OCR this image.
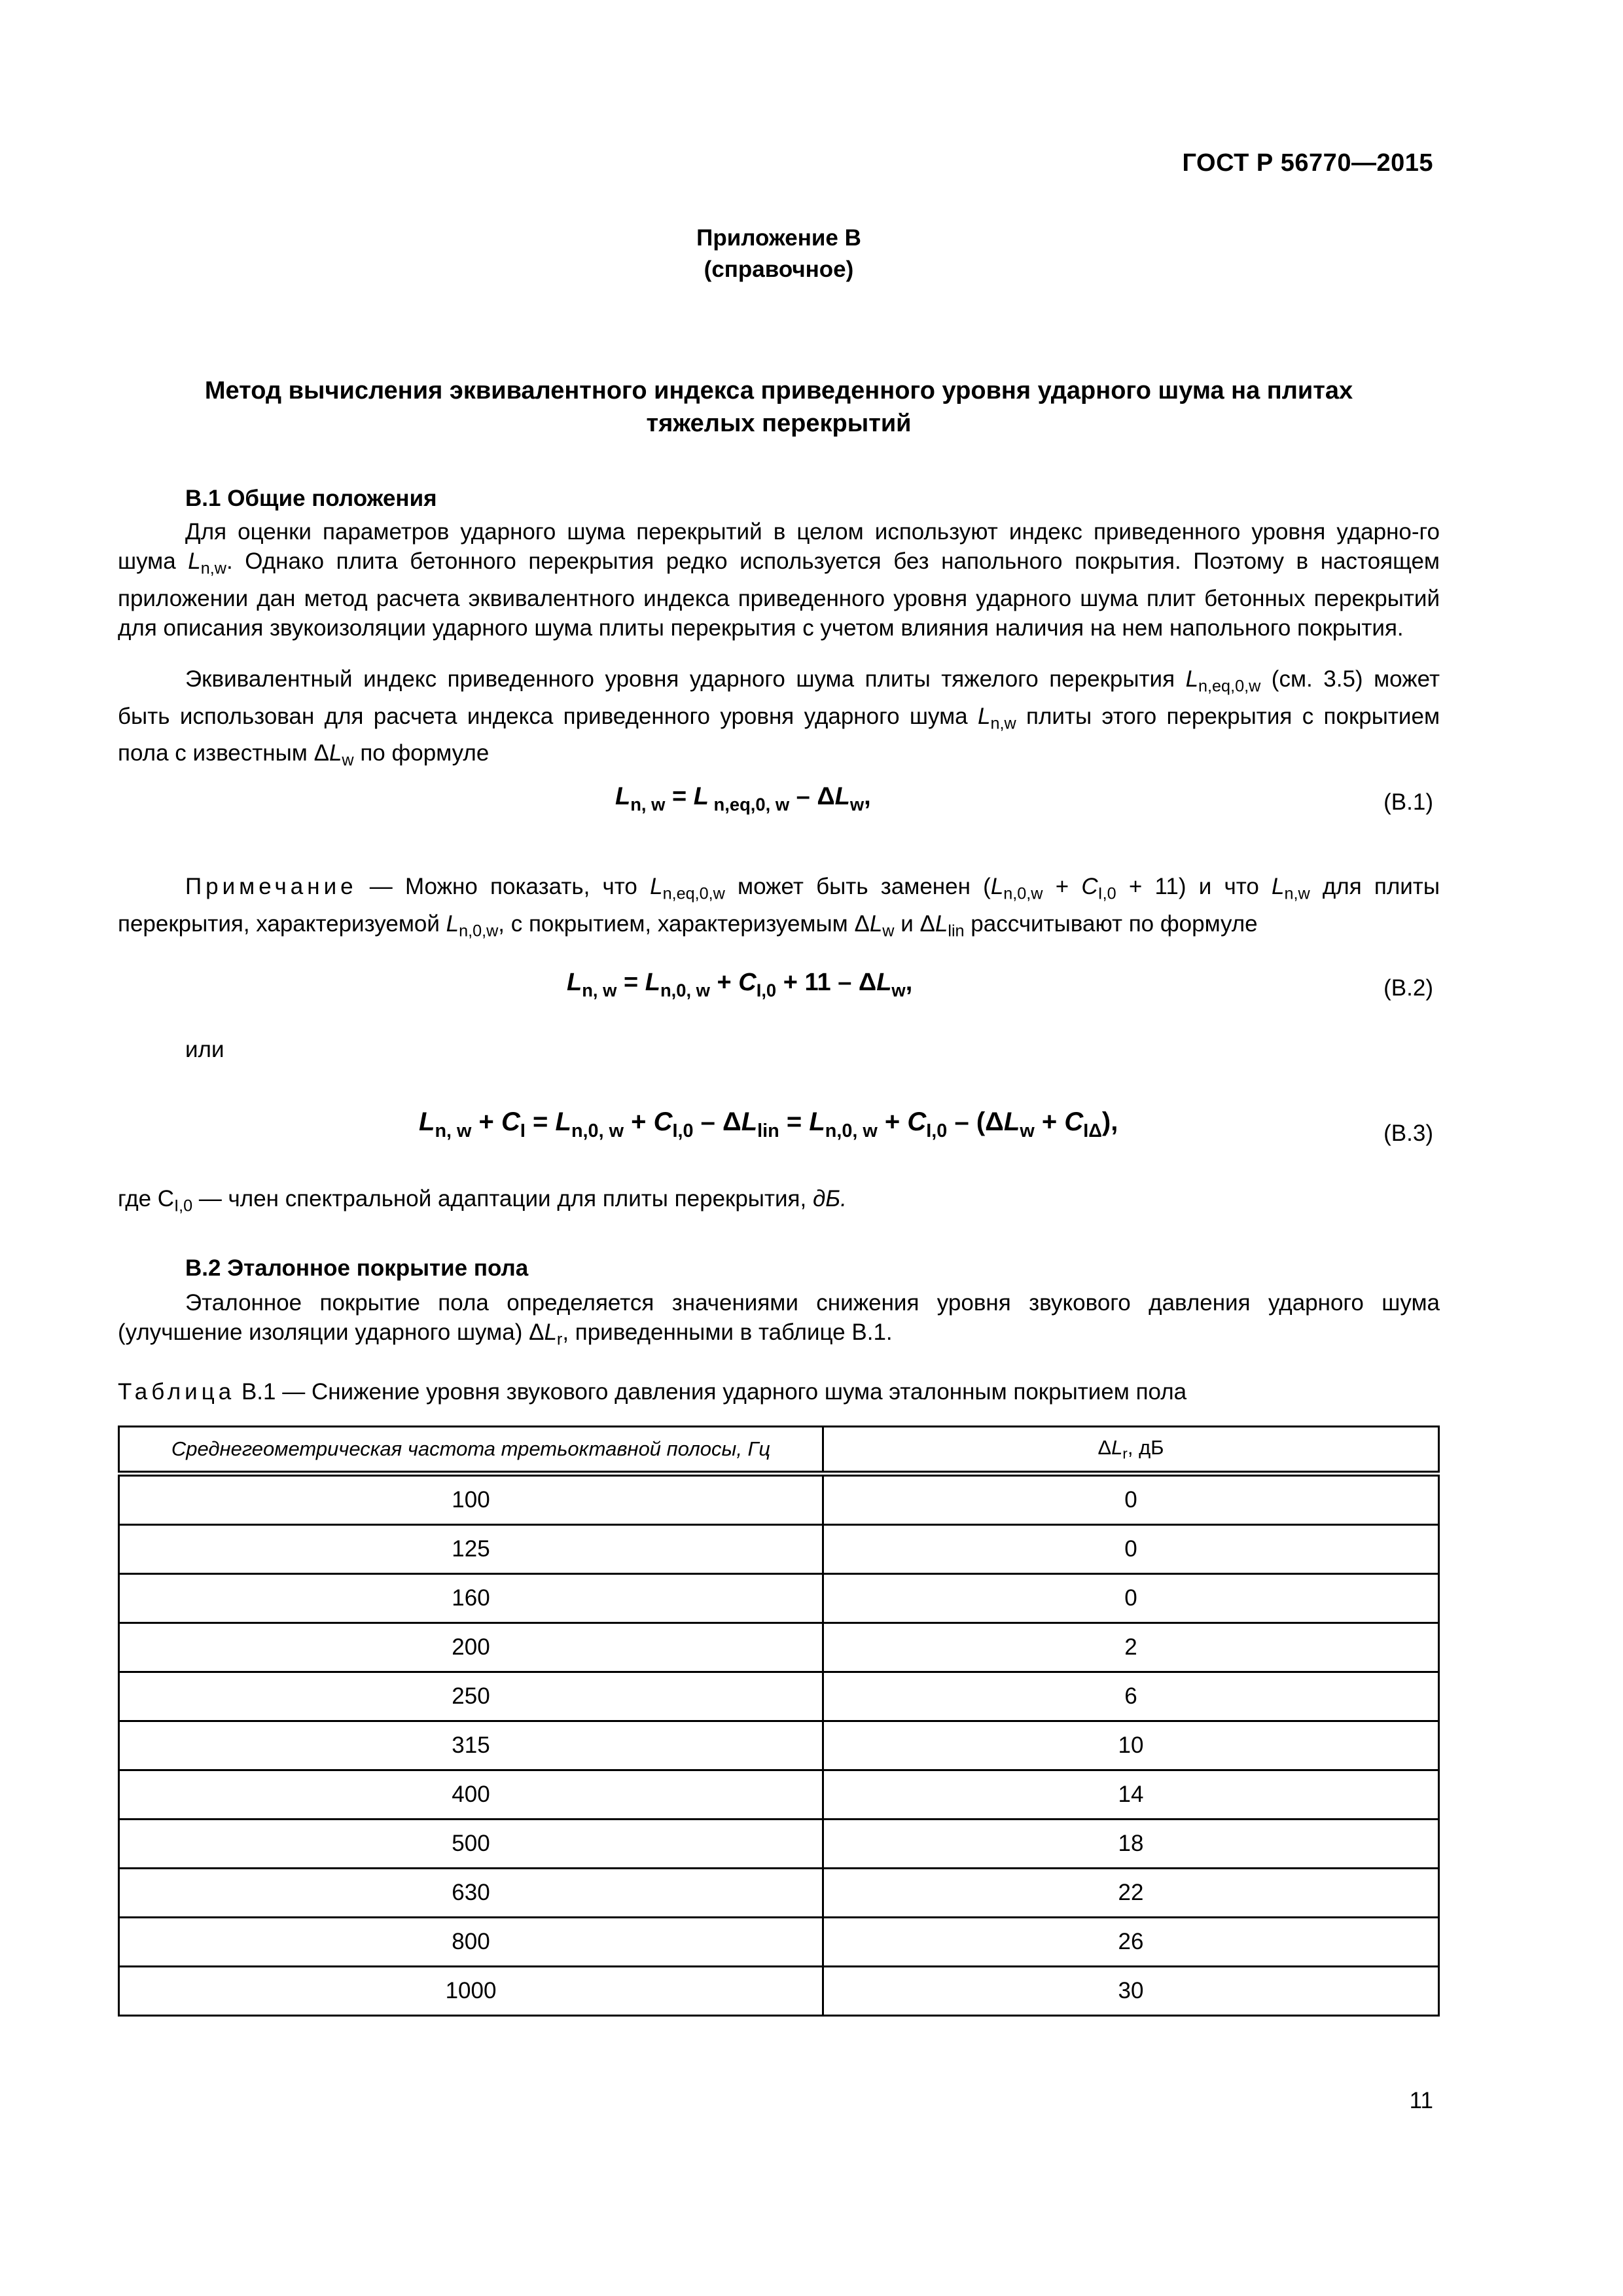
ГОСТ Р 56770—2015
Приложение В
(справочное)
Метод вычисления эквивалентного индекса приведенного уровня ударного шума на плитах
тяжелых перекрытий
В.1 Общие положения
Для оценки параметров ударного шума перекрытий в целом используют индекс приведенного уровня ударно-го шума $L_{n,w}$. Однако плита бетонного перекрытия редко используется без напольного покрытия. Поэтому в настоящем приложении дан метод расчета эквивалентного индекса приведенного уровня ударного шума плит бетонных перекрытий для описания звукоизоляции ударного шума плиты перекрытия с учетом влияния наличия на нем напольного покрытия.
Эквивалентный индекс приведенного уровня ударного шума плиты тяжелого перекрытия $L_{n,eq,0,w}$ (см. 3.5) может быть использован для расчета индекса приведенного уровня ударного шума $L_{n,w}$ плиты этого перекрытия с покрытием пола с известным $\Delta L_w$ по формуле
$L_{n, w} = L$ $_{n,eq,0, w} - \Delta L_w$,	(В.1)
Примечание — Можно показать, что $L_{n,eq,0,w}$ может быть заменен $(L_{n,0,w} + C_{I,0} + 11)$ и что $L_{n,w}$ для плиты перекрытия, характеризуемой $L_{n,0,w}$, с покрытием, характеризуемым $\Delta L_w$ и $\Delta L_{lin}$ рассчитывают по формуле
$L_{n, w} = L_{n,0, w} + C_{I,0} + 11 - \Delta L_w$,	(В.2)
или
$L_{n, w} + C_I = L_{n,0, w} + C_{I,0} - \Delta L_{lin} = L_{n,0, w} + C_{I,0} - (\Delta L_w + C_{I\Delta})$,	(В.3)
где $C_{I,0}$ — член спектральной адаптации для плиты перекрытия, дБ.
В.2 Эталонное покрытие пола
Эталонное покрытие пола определяется значениями снижения уровня звукового давления ударного шума (улучшение изоляции ударного шума) $\Delta L_r$, приведенными в таблице В.1.
Таблица В.1 — Снижение уровня звукового давления ударного шума эталонным покрытием пола
Среднегеометрическая частота третьоктавной полосы, Гц	$\Delta L_r$, дБ
100	0
125	0
160	0
200	2
250	6
315	10
400	14
500	18
630	22
800	26
1000	30
11
